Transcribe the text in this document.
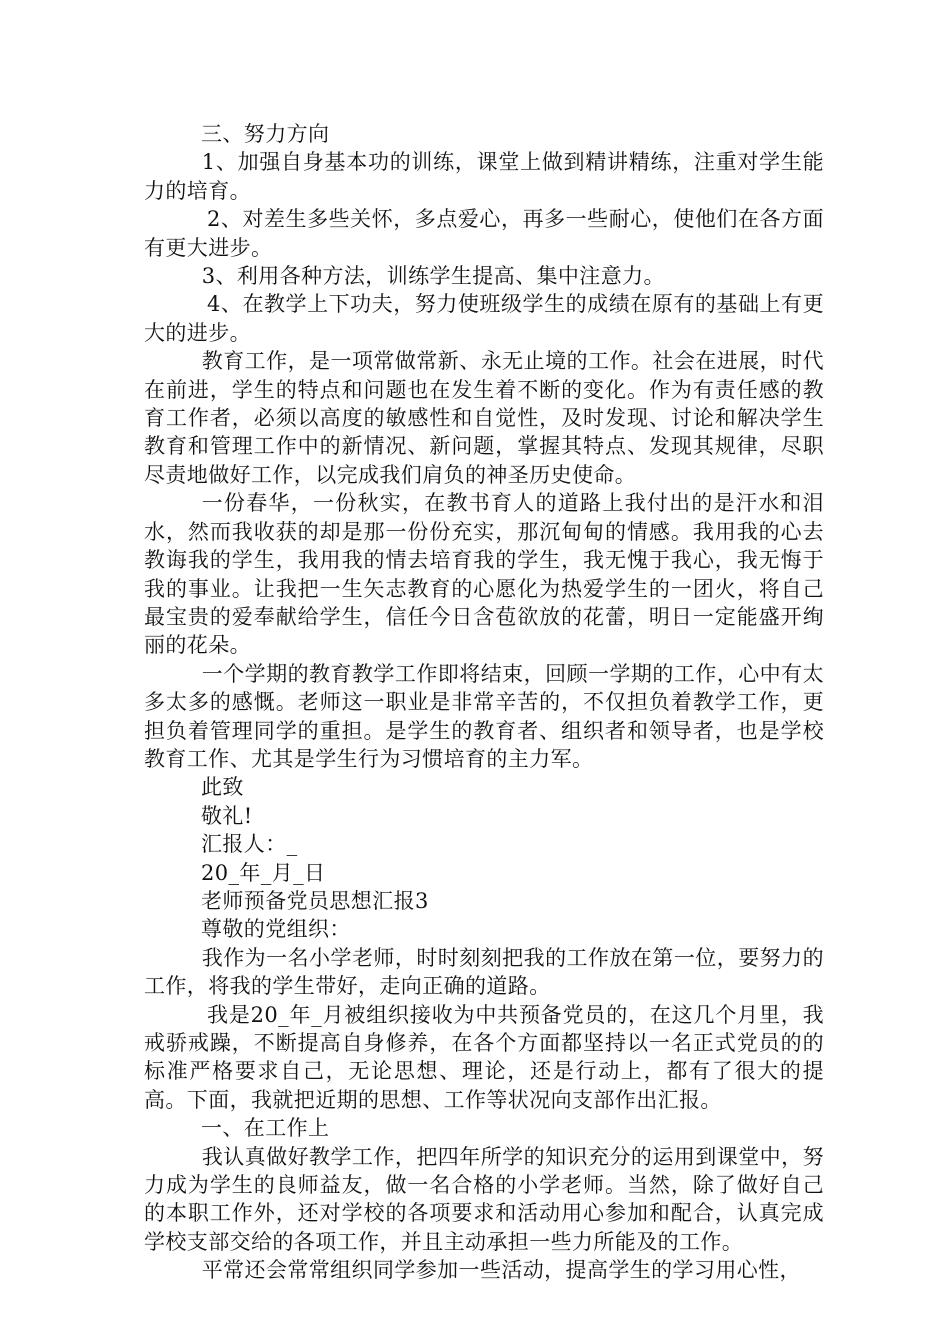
三、努力方向

1、加强自身基本功的训练，课堂上做到精讲精练，注重对学生能力的培育。

2、对差生多些关怀，多点爱心，再多一些耐心，使他们在各方面有更大进步。

3、利用各种方法，训练学生提高、集中注意力。

4、在教学上下功夫，努力使班级学生的成绩在原有的基础上有更大的进步。

教育工作，是一项常做常新、永无止境的工作。社会在进展，时代在前进，学生的特点和问题也在发生着不断的变化。作为有责任感的教育工作者，必须以高度的敏感性和自觉性，及时发现、讨论和解决学生教育和管理工作中的新情况、新问题，掌握其特点、发现其规律，尽职尽责地做好工作，以完成我们肩负的神圣历史使命。

一份春华，一份秋实，在教书育人的道路上我付出的是汗水和泪水，然而我收获的却是那一份份充实，那沉甸甸的情感。我用我的心去教诲我的学生，我用我的情去培育我的学生，我无愧于我心，我无悔于我的事业。让我把一生矢志教育的心愿化为热爱学生的一团火，将自己最宝贵的爱奉献给学生，信任今日含苞欲放的花蕾，明日一定能盛开绚丽的花朵。

一个学期的教育教学工作即将结束，回顾一学期的工作，心中有太多太多的感慨。老师这一职业是非常辛苦的，不仅担负着教学工作，更担负着管理同学的重担。是学生的教育者、组织者和领导者，也是学校教育工作、尤其是学生行为习惯培育的主力军。

此致

敬礼!

汇报人：_

20_年_月_日

老师预备党员思想汇报3

尊敬的党组织：

我作为一名小学老师，时时刻刻把我的工作放在第一位，要努力的工作，将我的学生带好，走向正确的道路。

我是20_年_月被组织接收为中共预备党员的，在这几个月里，我戒骄戒躁，不断提高自身修养，在各个方面都坚持以一名正式党员的的标准严格要求自己，无论思想、理论，还是行动上，都有了很大的提高。下面，我就把近期的思想、工作等状况向支部作出汇报。

一、在工作上

我认真做好教学工作，把四年所学的知识充分的运用到课堂中，努力成为学生的良师益友，做一名合格的小学老师。当然，除了做好自己的本职工作外，还对学校的各项要求和活动用心参加和配合，认真完成学校支部交给的各项工作，并且主动承担一些力所能及的工作。

平常还会常常组织同学参加一些活动，提高学生的学习用心性，
